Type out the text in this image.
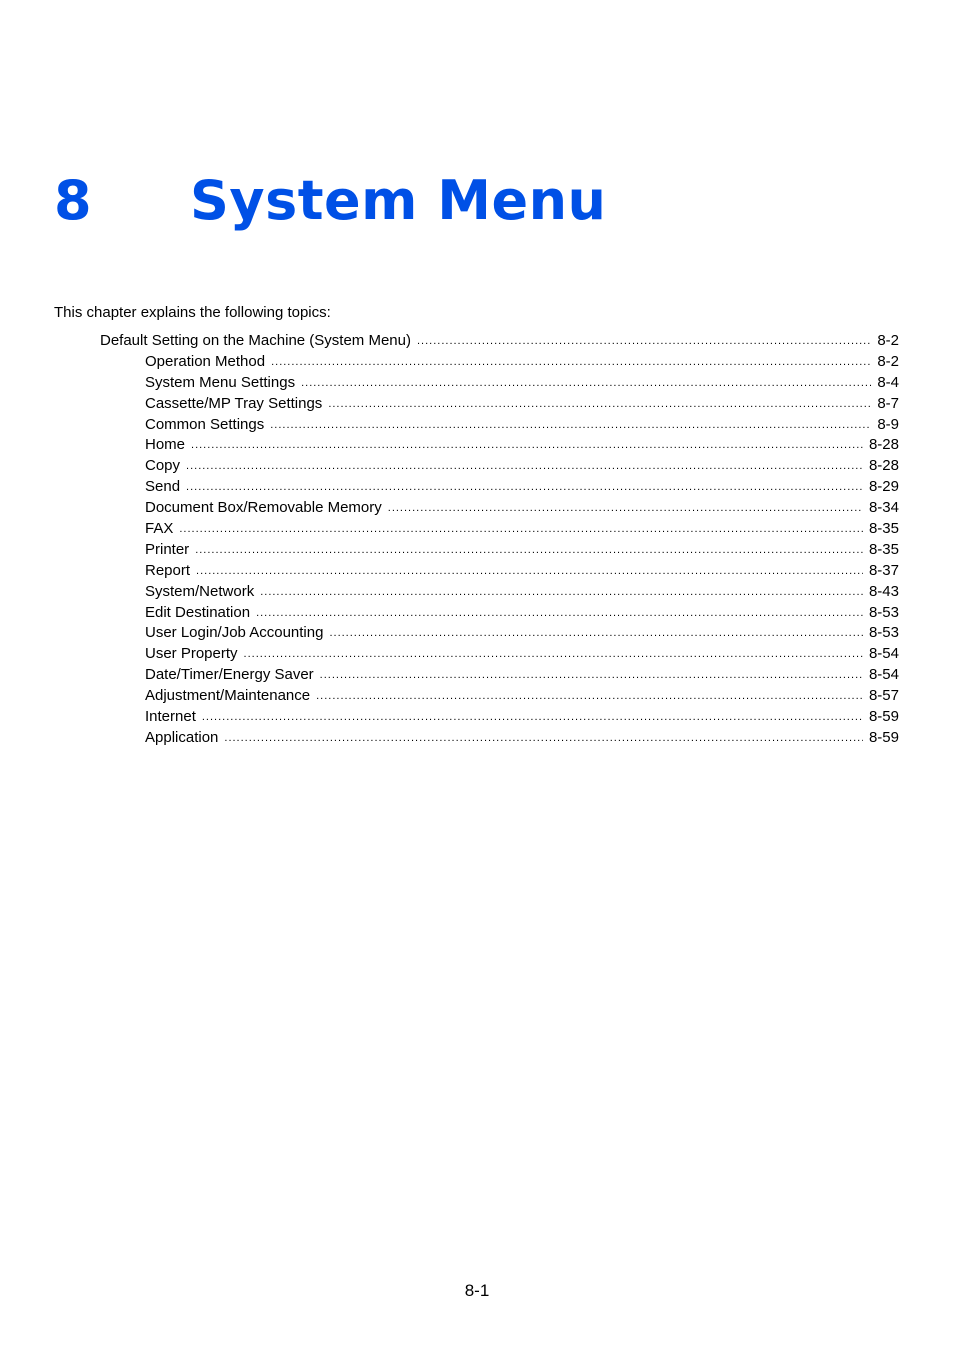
8 System Menu
This chapter explains the following topics:
Default Setting on the Machine (System Menu) .....	8-2
Operation Method .....	8-2
System Menu Settings .....	8-4
Cassette/MP Tray Settings .....	8-7
Common Settings .....	8-9
Home .....	8-28
Copy .....	8-28
Send .....	8-29
Document Box/Removable Memory .....	8-34
FAX .....	8-35
Printer .....	8-35
Report .....	8-37
System/Network .....	8-43
Edit Destination .....	8-53
User Login/Job Accounting .....	8-53
User Property .....	8-54
Date/Timer/Energy Saver .....	8-54
Adjustment/Maintenance .....	8-57
Internet .....	8-59
Application .....	8-59
8-1
